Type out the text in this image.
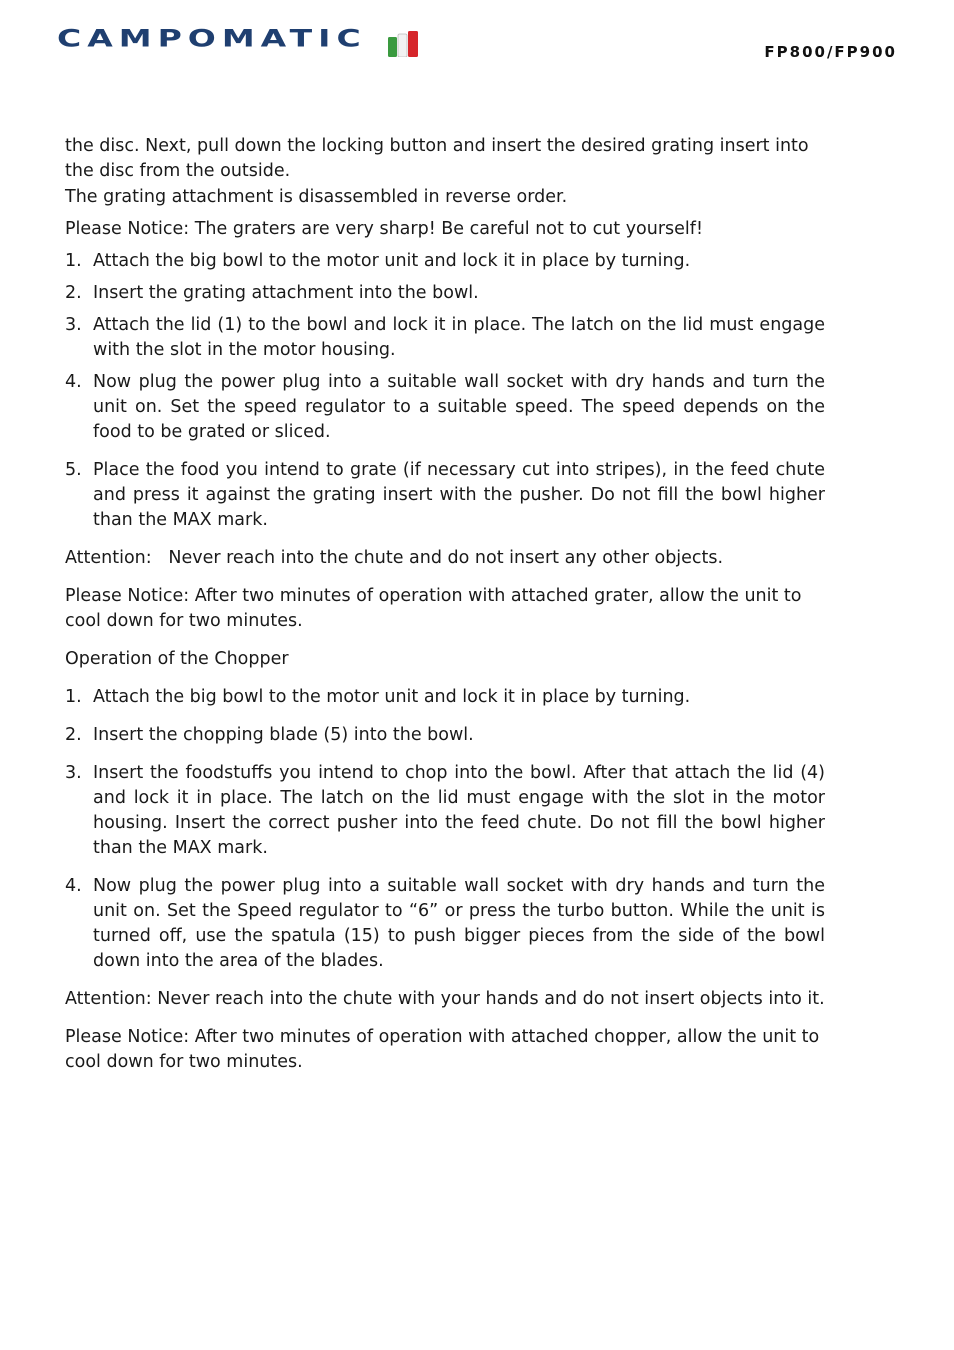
CAMPOMATIC	FP800/FP900

the disc. Next, pull down the locking button and insert the desired grating insert into the disc from the outside.

The grating attachment is disassembled in reverse order.

Please Notice: The graters are very sharp! Be careful not to cut yourself!

1. Attach the big bowl to the motor unit and lock it in place by turning.
2. Insert the grating attachment into the bowl.
3. Attach the lid (1) to the bowl and lock it in place. The latch on the lid must engage with the slot in the motor housing.
4. Now plug the power plug into a suitable wall socket with dry hands and turn the unit on. Set the speed regulator to a suitable speed. The speed depends on the food to be grated or sliced.
5. Place the food you intend to grate (if necessary cut into stripes), in the feed chute and press it against the grating insert with the pusher. Do not fill the bowl higher than the MAX mark.

Attention:   Never reach into the chute and do not insert any other objects.

Please Notice: After two minutes of operation with attached grater, allow the unit to cool down for two minutes.

Operation of the Chopper

1. Attach the big bowl to the motor unit and lock it in place by turning.
2. Insert the chopping blade (5) into the bowl.
3. Insert the foodstuffs you intend to chop into the bowl. After that attach the lid (4) and lock it in place. The latch on the lid must engage with the slot in the motor housing. Insert the correct pusher into the feed chute. Do not fill the bowl higher than the MAX mark.
4. Now plug the power plug into a suitable wall socket with dry hands and turn the unit on. Set the Speed regulator to “6” or press the turbo button. While the unit is turned off, use the spatula (15) to push bigger pieces from the side of the bowl down into the area of the blades.

Attention: Never reach into the chute with your hands and do not insert objects into it.

Please Notice: After two minutes of operation with attached chopper, allow the unit to cool down for two minutes.
